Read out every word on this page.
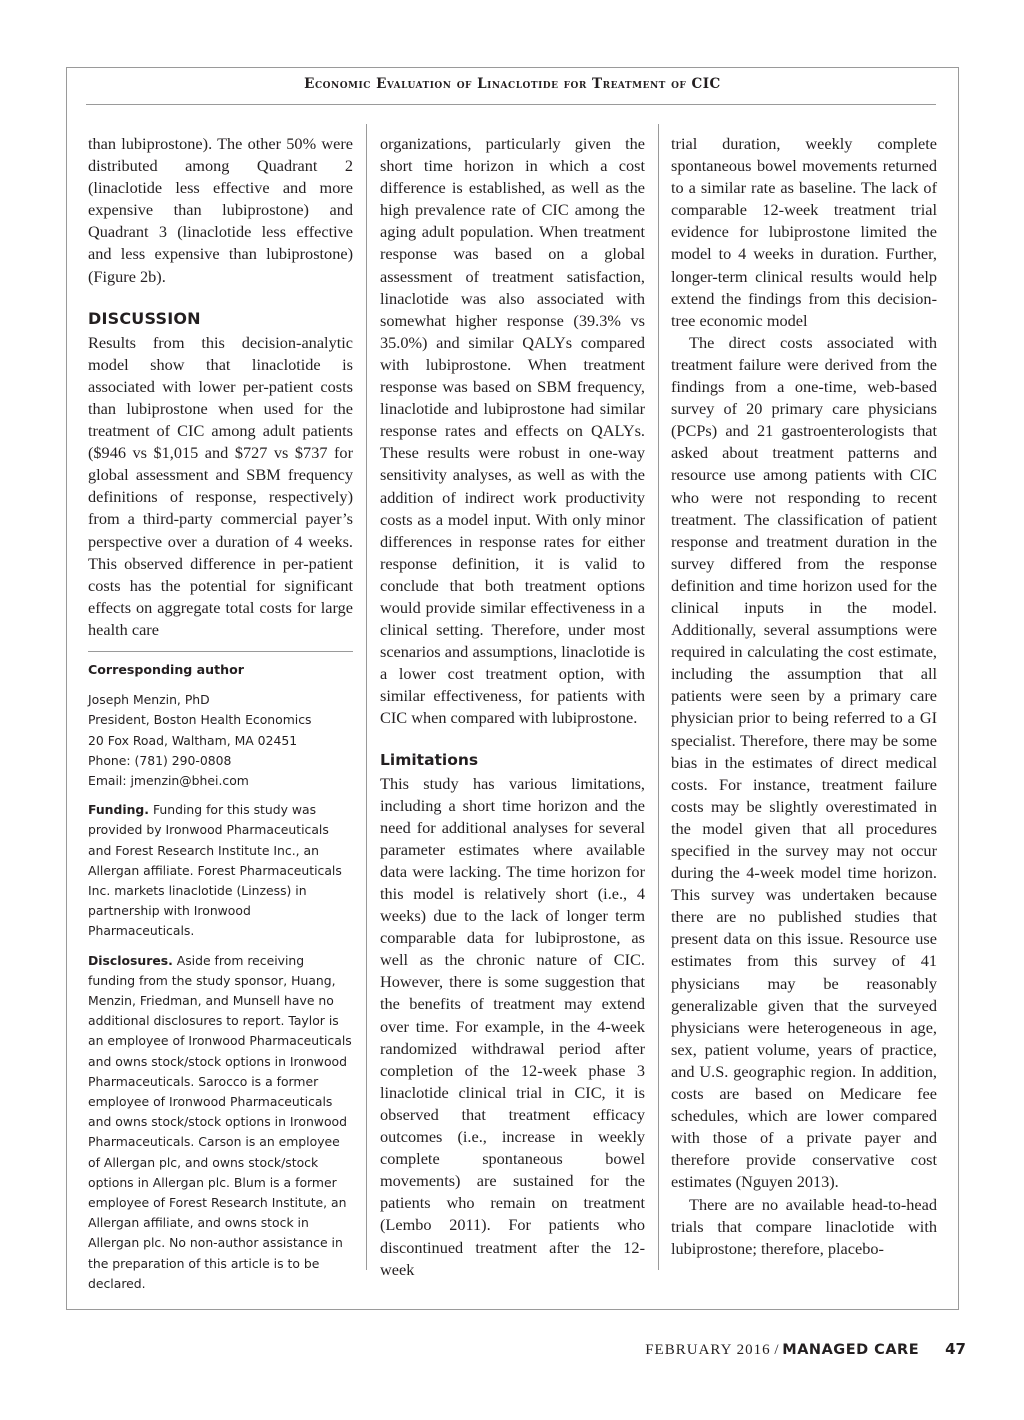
Economic Evaluation of Linaclotide for Treatment of CIC

than lubiprostone). The other 50% were distributed among Quadrant 2 (linaclotide less effective and more expensive than lubiprostone) and Quadrant 3 (linaclotide less effective and less expensive than lubiprostone) (Figure 2b).

DISCUSSION

Results from this decision-analytic model show that linaclotide is associated with lower per-patient costs than lubiprostone when used for the treatment of CIC among adult patients ($946 vs $1,015 and $727 vs $737 for global assessment and SBM frequency definitions of response, respectively) from a third-party commercial payer’s perspective over a duration of 4 weeks. This observed difference in per-patient costs has the potential for significant effects on aggregate total costs for large health care

Corresponding author
Joseph Menzin, PhD
President, Boston Health Economics
20 Fox Road, Waltham, MA 02451
Phone: (781) 290-0808
Email: jmenzin@bhei.com

Funding. Funding for this study was provided by Ironwood Pharmaceuticals and Forest Research Institute Inc., an Allergan affiliate. Forest Pharmaceuticals Inc. markets linaclotide (Linzess) in partnership with Ironwood Pharmaceuticals.

Disclosures. Aside from receiving funding from the study sponsor, Huang, Menzin, Friedman, and Munsell have no additional disclosures to report. Taylor is an employee of Ironwood Pharmaceuticals and owns stock/stock options in Ironwood Pharmaceuticals. Sarocco is a former employee of Ironwood Pharmaceuticals and owns stock/stock options in Ironwood Pharmaceuticals. Carson is an employee of Allergan plc, and owns stock/stock options in Allergan plc. Blum is a former employee of Forest Research Institute, an Allergan affiliate, and owns stock in Allergan plc. No non-author assistance in the preparation of this article is to be declared.

organizations, particularly given the short time horizon in which a cost difference is established, as well as the high prevalence rate of CIC among the aging adult population. When treatment response was based on a global assessment of treatment satisfaction, linaclotide was also associated with somewhat higher response (39.3% vs 35.0%) and similar QALYs compared with lubiprostone. When treatment response was based on SBM frequency, linaclotide and lubiprostone had similar response rates and effects on QALYs. These results were robust in one-way sensitivity analyses, as well as with the addition of indirect work productivity costs as a model input. With only minor differences in response rates for either response definition, it is valid to conclude that both treatment options would provide similar effectiveness in a clinical setting. Therefore, under most scenarios and assumptions, linaclotide is a lower cost treatment option, with similar effectiveness, for patients with CIC when compared with lubiprostone.

Limitations

This study has various limitations, including a short time horizon and the need for additional analyses for several parameter estimates where available data were lacking. The time horizon for this model is relatively short (i.e., 4 weeks) due to the lack of longer term comparable data for lubiprostone, as well as the chronic nature of CIC. However, there is some suggestion that the benefits of treatment may extend over time. For example, in the 4-week randomized withdrawal period after completion of the 12-week phase 3 linaclotide clinical trial in CIC, it is observed that treatment efficacy outcomes (i.e., increase in weekly complete spontaneous bowel movements) are sustained for the patients who remain on treatment (Lembo 2011). For patients who discontinued treatment after the 12-week

trial duration, weekly complete spontaneous bowel movements returned to a similar rate as baseline. The lack of comparable 12-week treatment trial evidence for lubiprostone limited the model to 4 weeks in duration. Further, longer-term clinical results would help extend the findings from this decision-tree economic model

The direct costs associated with treatment failure were derived from the findings from a one-time, web-based survey of 20 primary care physicians (PCPs) and 21 gastroenterologists that asked about treatment patterns and resource use among patients with CIC who were not responding to recent treatment. The classification of patient response and treatment duration in the survey differed from the response definition and time horizon used for the clinical inputs in the model. Additionally, several assumptions were required in calculating the cost estimate, including the assumption that all patients were seen by a primary care physician prior to being referred to a GI specialist. Therefore, there may be some bias in the estimates of direct medical costs. For instance, treatment failure costs may be slightly overestimated in the model given that all procedures specified in the survey may not occur during the 4-week model time horizon. This survey was undertaken because there are no published studies that present data on this issue. Resource use estimates from this survey of 41 physicians may be reasonably generalizable given that the surveyed physicians were heterogeneous in age, sex, patient volume, years of practice, and U.S. geographic region. In addition, costs are based on Medicare fee schedules, which are lower compared with those of a private payer and therefore provide conservative cost estimates (Nguyen 2013).

There are no available head-to-head trials that compare linaclotide with lubiprostone; therefore, placebo-

FEBRUARY 2016 / MANAGED CARE 47
